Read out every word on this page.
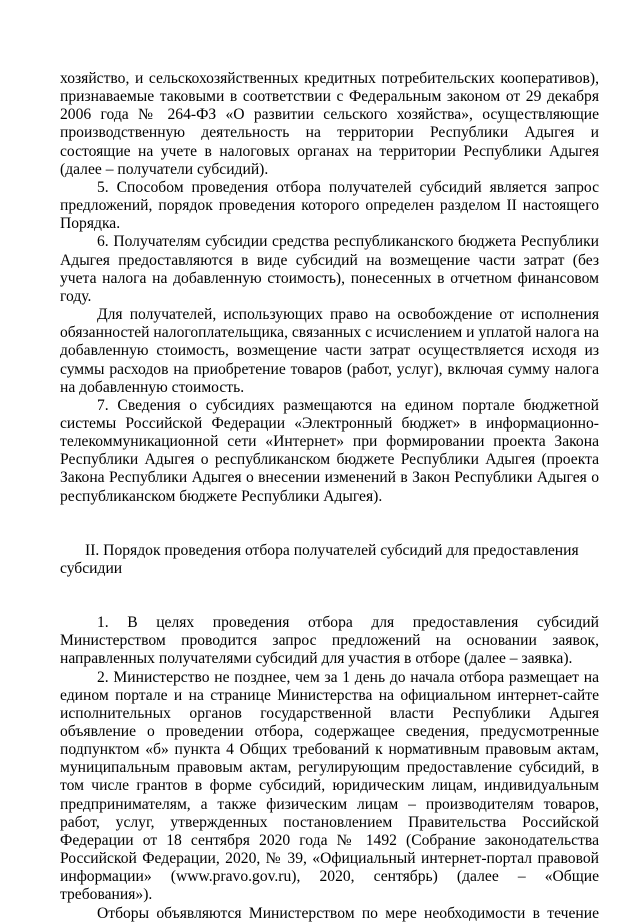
хозяйство, и сельскохозяйственных кредитных потребительских кооперативов), признаваемые таковыми в соответствии с Федеральным законом от 29 декабря 2006 года № 264-ФЗ «О развитии сельского хозяйства», осуществляющие производственную деятельность на территории Республики Адыгея и состоящие на учете в налоговых органах на территории Республики Адыгея (далее – получатели субсидий).

5. Способом проведения отбора получателей субсидий является запрос предложений, порядок проведения которого определен разделом II настоящего Порядка.

6. Получателям субсидии средства республиканского бюджета Республики Адыгея предоставляются в виде субсидий на возмещение части затрат (без учета налога на добавленную стоимость), понесенных в отчетном финансовом году.

Для получателей, использующих право на освобождение от исполнения обязанностей налогоплательщика, связанных с исчислением и уплатой налога на добавленную стоимость, возмещение части затрат осуществляется исходя из суммы расходов на приобретение товаров (работ, услуг), включая сумму налога на добавленную стоимость.

7. Сведения о субсидиях размещаются на едином портале бюджетной системы Российской Федерации «Электронный бюджет» в информационно-телекоммуникационной сети «Интернет» при формировании проекта Закона Республики Адыгея о республиканском бюджете Республики Адыгея (проекта Закона Республики Адыгея о внесении изменений в Закон Республики Адыгея о республиканском бюджете Республики Адыгея).

II. Порядок проведения отбора получателей субсидий для предоставления субсидии

1. В целях проведения отбора для предоставления субсидий Министерством проводится запрос предложений на основании заявок, направленных получателями субсидий для участия в отборе (далее – заявка).

2. Министерство не позднее, чем за 1 день до начала отбора размещает на едином портале и на странице Министерства на официальном интернет-сайте исполнительных органов государственной власти Республики Адыгея объявление о проведении отбора, содержащее сведения, предусмотренные подпунктом «б» пункта 4 Общих требований к нормативным правовым актам, муниципальным правовым актам, регулирующим предоставление субсидий, в том числе грантов в форме субсидий, юридическим лицам, индивидуальным предпринимателям, а также физическим лицам – производителям товаров, работ, услуг, утвержденных постановлением Правительства Российской Федерации от 18 сентября 2020 года № 1492 (Собрание законодательства Российской Федерации, 2020, № 39, «Официальный интернет-портал правовой информации» (www.pravo.gov.ru), 2020, сентябрь) (далее – «Общие требования»).

Отборы объявляются Министерством по мере необходимости в течение
